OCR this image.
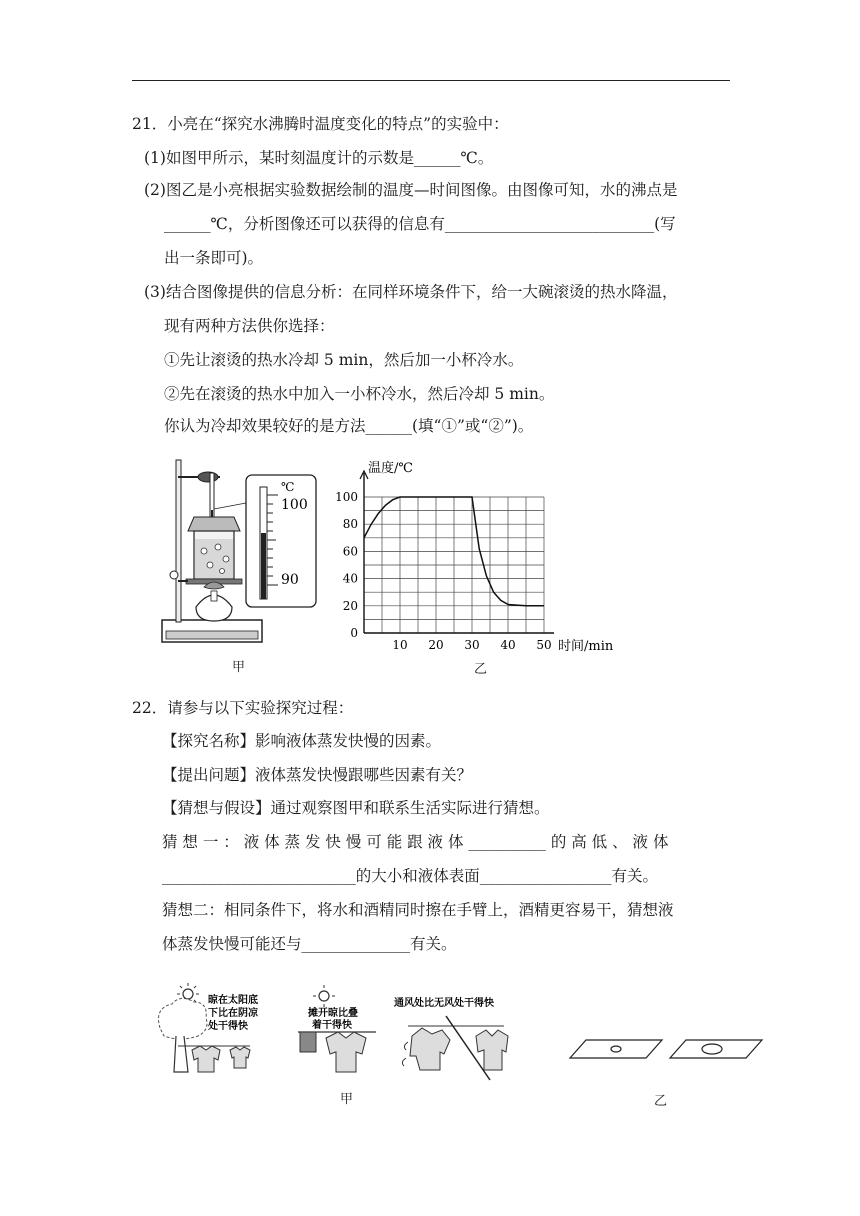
21．小亮在“探究水沸腾时温度变化的特点”的实验中：
(1)如图甲所示，某时刻温度计的示数是______℃。
(2)图乙是小亮根据实验数据绘制的温度—时间图像。由图像可知，水的沸点是
______℃，分析图像还可以获得的信息有___________________________(写
出一条即可)。
(3)结合图像提供的信息分析：在同样环境条件下，给一大碗滚烫的热水降温，
现有两种方法供你选择：
①先让滚烫的热水冷却 5 min，然后加一小杯冷水。
②先在滚烫的热水中加入一小杯冷水，然后冷却 5 min。
你认为冷却效果较好的是方法______(填“①”或“②”)。
℃
100
90
甲
0
20
40
60
80
100
10 20 30 40 50
温度/℃
时间/min
乙
22．请参与以下实验探究过程：
【探究名称】影响液体蒸发快慢的因素。
【提出问题】液体蒸发快慢跟哪些因素有关？
【猜想与假设】通过观察图甲和联系生活实际进行猜想。
猜 想 一 ： 液 体 蒸 发 快 慢 可 能 跟 液 体 __________ 的 高 低 、 液 体
_________________________的大小和液体表面_________________有关。
猜想二：相同条件下，将水和酒精同时擦在手臂上，酒精更容易干，猜想液
体蒸发快慢可能还与______________有关。
晾在太阳底
下比在阴凉
处干得快
摊开晾比叠
着干得快
通风处比无风处干得快
甲	乙
